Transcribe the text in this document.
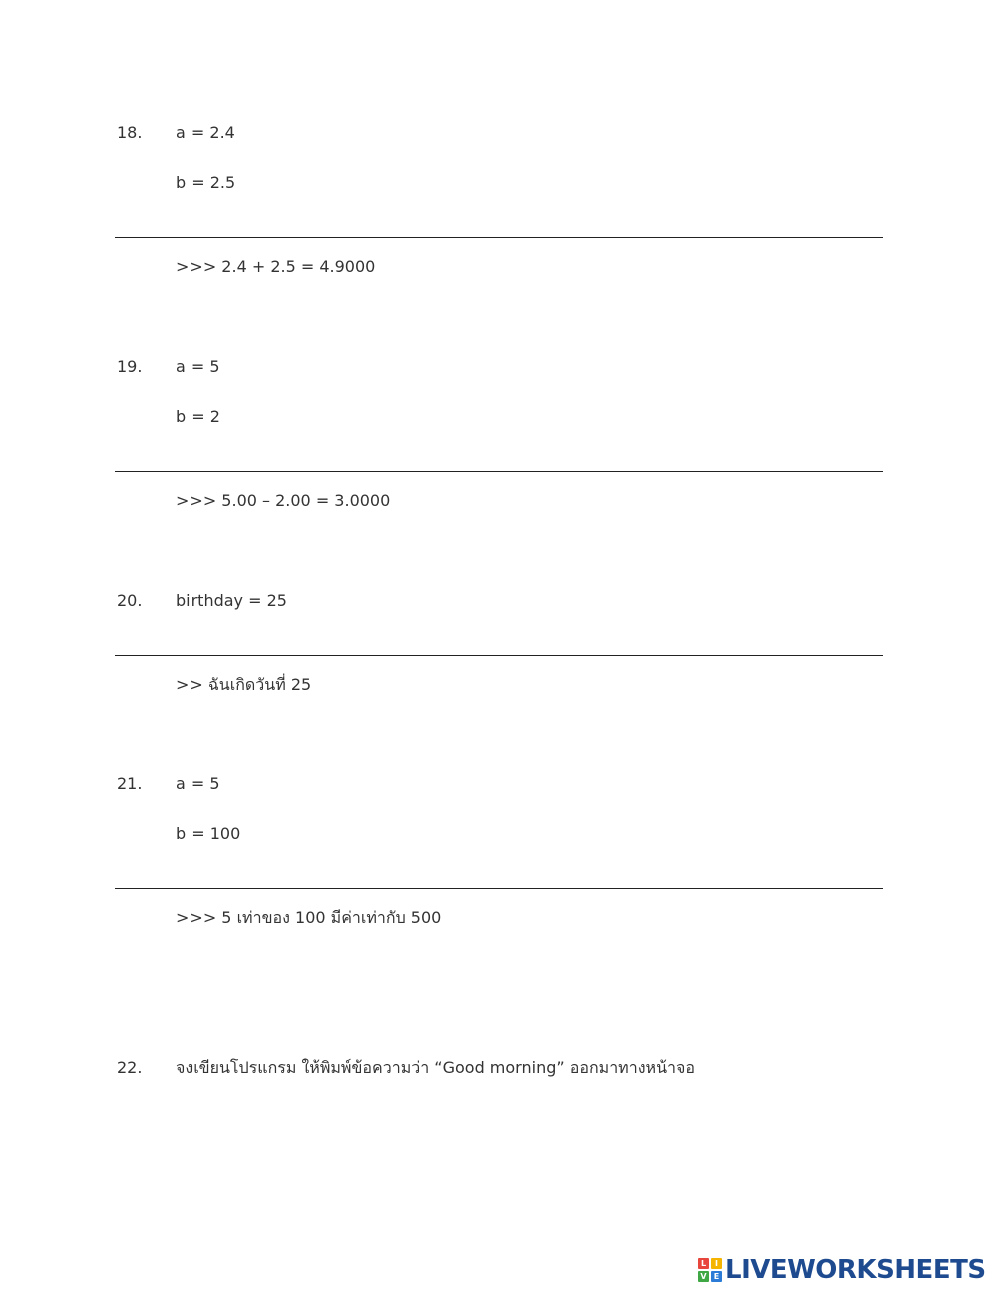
18. a = 2.4
b = 2.5
>>> 2.4 + 2.5 = 4.9000
19. a = 5
b = 2
>>> 5.00 – 2.00 = 3.0000
20. birthday = 25
>> ฉันเกิดวันที่ 25
21. a = 5
b = 100
>>> 5 เท่าของ 100 มีค่าเท่ากับ 500
22. จงเขียนโปรแกรม ให้พิมพ์ข้อความว่า “Good morning” ออกมาทางหน้าจอ
L	I
V E LIVEWORKSHEETS
